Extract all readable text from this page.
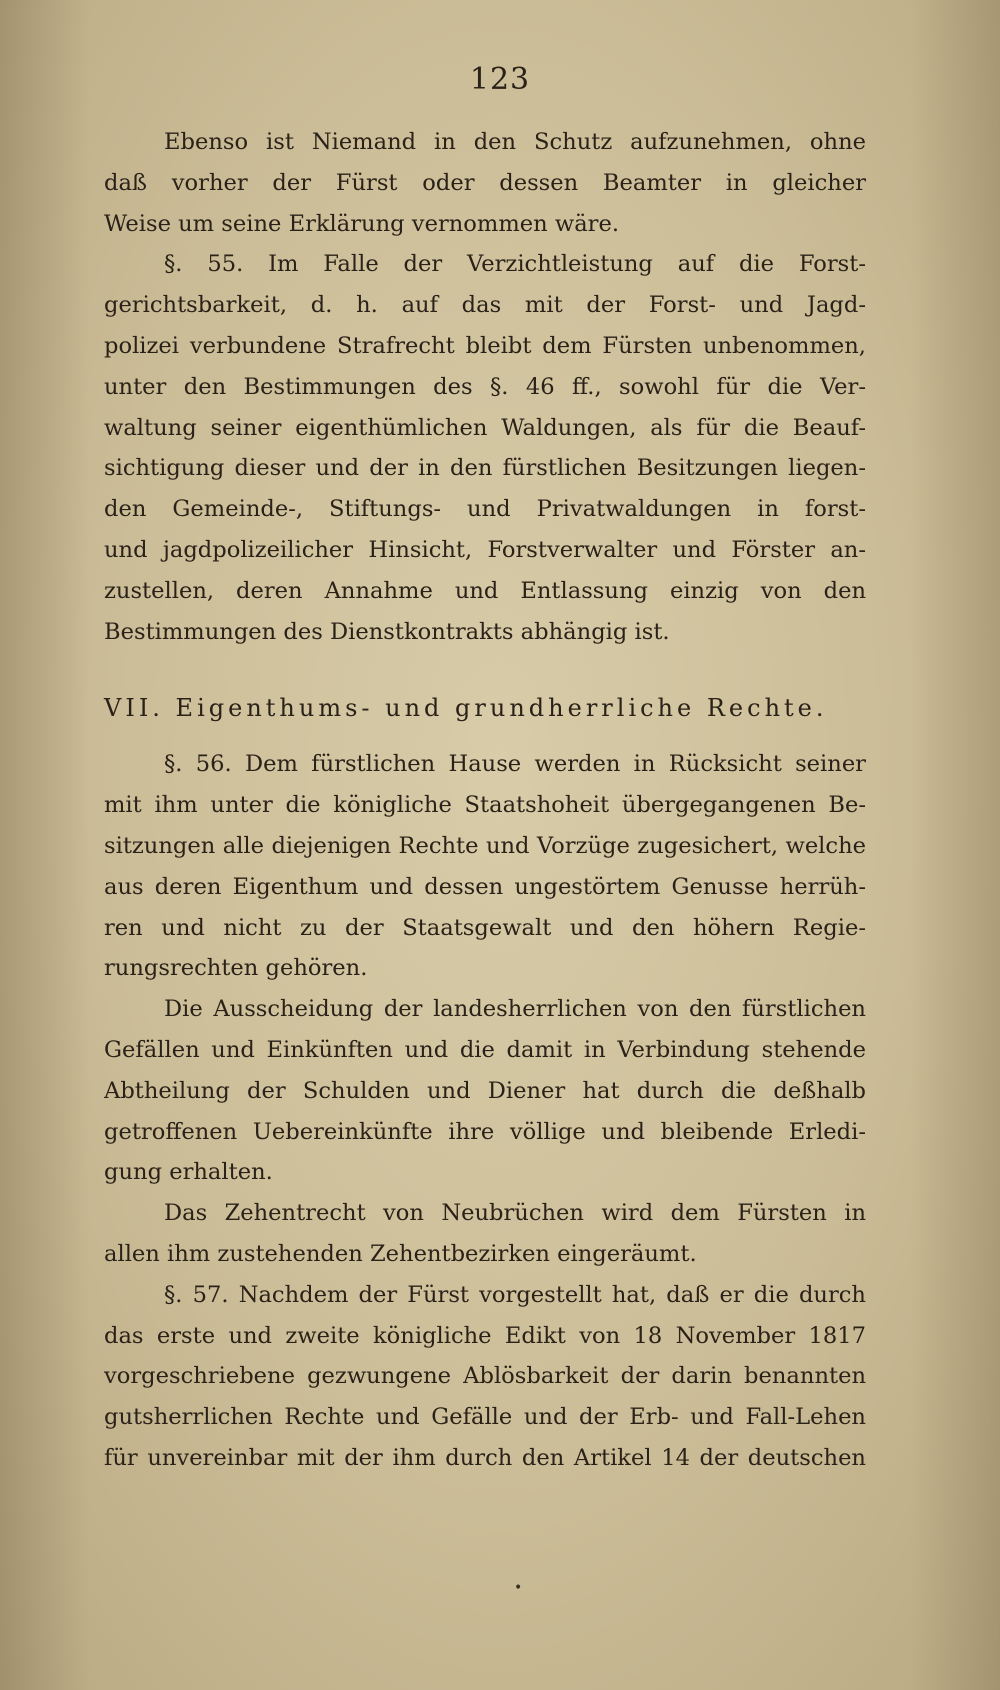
123

Ebenso ist Niemand in den Schutz aufzunehmen, ohne
daß vorher der Fürst oder dessen Beamter in gleicher
Weise um seine Erklärung vernommen wäre.
§. 55. Im Falle der Verzichtleistung auf die Forst-
gerichtsbarkeit, d. h. auf das mit der Forst- und Jagd-
polizei verbundene Strafrecht bleibt dem Fürsten unbenommen,
unter den Bestimmungen des §. 46 ff., sowohl für die Ver-
waltung seiner eigenthümlichen Waldungen, als für die Beauf-
sichtigung dieser und der in den fürstlichen Besitzungen liegen-
den Gemeinde-, Stiftungs- und Privatwaldungen in forst-
und jagdpolizeilicher Hinsicht, Forstverwalter und Förster an-
zustellen, deren Annahme und Entlassung einzig von den
Bestimmungen des Dienstkontrakts abhängig ist.
VII. Eigenthums- und grundherrliche Rechte.
§. 56. Dem fürstlichen Hause werden in Rücksicht seiner
mit ihm unter die königliche Staatshoheit übergegangenen Be-
sitzungen alle diejenigen Rechte und Vorzüge zugesichert, welche
aus deren Eigenthum und dessen ungestörtem Genusse herrüh-
ren und nicht zu der Staatsgewalt und den höhern Regie-
rungsrechten gehören.
Die Ausscheidung der landesherrlichen von den fürstlichen
Gefällen und Einkünften und die damit in Verbindung stehende
Abtheilung der Schulden und Diener hat durch die deßhalb
getroffenen Uebereinkünfte ihre völlige und bleibende Erledi-
gung erhalten.
Das Zehentrecht von Neubrüchen wird dem Fürsten in
allen ihm zustehenden Zehentbezirken eingeräumt.
§. 57. Nachdem der Fürst vorgestellt hat, daß er die durch
das erste und zweite königliche Edikt von 18 November 1817
vorgeschriebene gezwungene Ablösbarkeit der darin benannten
gutsherrlichen Rechte und Gefälle und der Erb- und Fall-Lehen
für unvereinbar mit der ihm durch den Artikel 14 der deutschen
•
